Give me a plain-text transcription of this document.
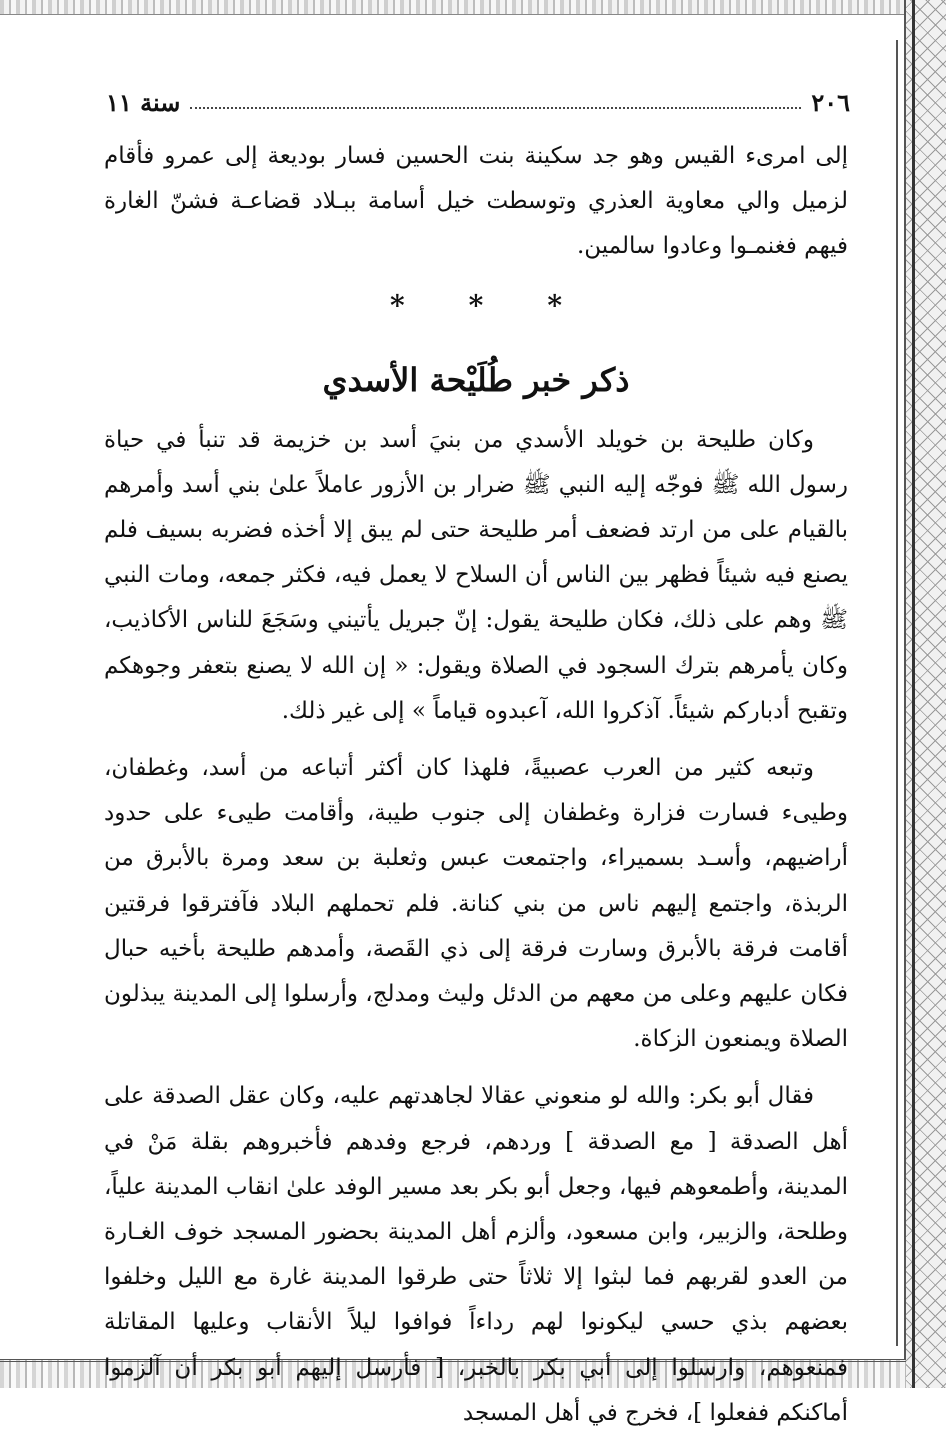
٢٠٦
سنة ١١

إلى امرىء القيس وهو جد سكينة بنت الحسين فسار بوديعة إلى عمرو فأقام لزميل والي معاوية العذري وتوسطت خيل أسامة ببـلاد قضاعـة فشنّ الغارة فيهم فغنمـوا وعادوا سالمين.

* * *
ذكر خبر طُلَيْحة الأسدي

وكان طليحة بن خويلد الأسدي من بنيَ أسد بن خزيمة قد تنبأ في حياة رسول الله ﷺ فوجّه إليه النبي ﷺ ضرار بن الأزور عاملاً علىٰ بني أسد وأمرهم بالقيام على من ارتد فضعف أمر طليحة حتى لم يبق إلا أخذه فضربه بسيف فلم يصنع فيه شيئاً فظهر بين الناس أن السلاح لا يعمل فيه، فكثر جمعه، ومات النبي ﷺ وهم على ذلك، فكان طليحة يقول: إنّ جبريل يأتيني وسَجَعَ للناس الأكاذيب، وكان يأمرهم بترك السجود في الصلاة ويقول: « إن الله لا يصنع بتعفر وجوهكم وتقبح أدباركم شيئاً. آذكروا الله، آعبدوه قياماً » إلى غير ذلك.

وتبعه كثير من العرب عصبيةً، فلهذا كان أكثر أتباعه من أسد، وغطفان، وطيىء فسارت فزارة وغطفان إلى جنوب طيبة، وأقامت طيىء على حدود أراضيهم، وأسـد بسميراء، واجتمعت عبس وثعلبة بن سعد ومرة بالأبرق من الربذة، واجتمع إليهم ناس من بني كنانة. فلم تحملهم البلاد فآفترقوا فرقتين أقامت فرقة بالأبرق وسارت فرقة إلى ذي القَصة، وأمدهم طليحة بأخيه حبال فكان عليهم وعلى من معهم من الدئل وليث ومدلج، وأرسلوا إلى المدينة يبذلون الصلاة ويمنعون الزكاة.

فقال أبو بكر: والله لو منعوني عقالا لجاهدتهم عليه، وكان عقل الصدقة على أهل الصدقة [ مع الصدقة ] وردهم، فرجع وفدهم فأخبروهم بقلة مَنْ في المدينة، وأطمعوهم فيها، وجعل أبو بكر بعد مسير الوفد علىٰ انقاب المدينة علياً، وطلحة، والزبير، وابن مسعود، وألزم أهل المدينة بحضور المسجد خوف الغـارة من العدو لقربهم فما لبثوا إلا ثلاثاً حتى طرقوا المدينة غارة مع الليل وخلفوا بعضهم بذي حسي ليكونوا لهم رداءاً فوافوا ليلاً الأنقاب وعليها المقاتلة فمنعوهم، وارسلوا إلى أبي بكر بالخبر، [ فأرسل إليهم أبو بكر أن آلزموا أماكنكم ففعلوا ]، فخرج في أهل المسجد
